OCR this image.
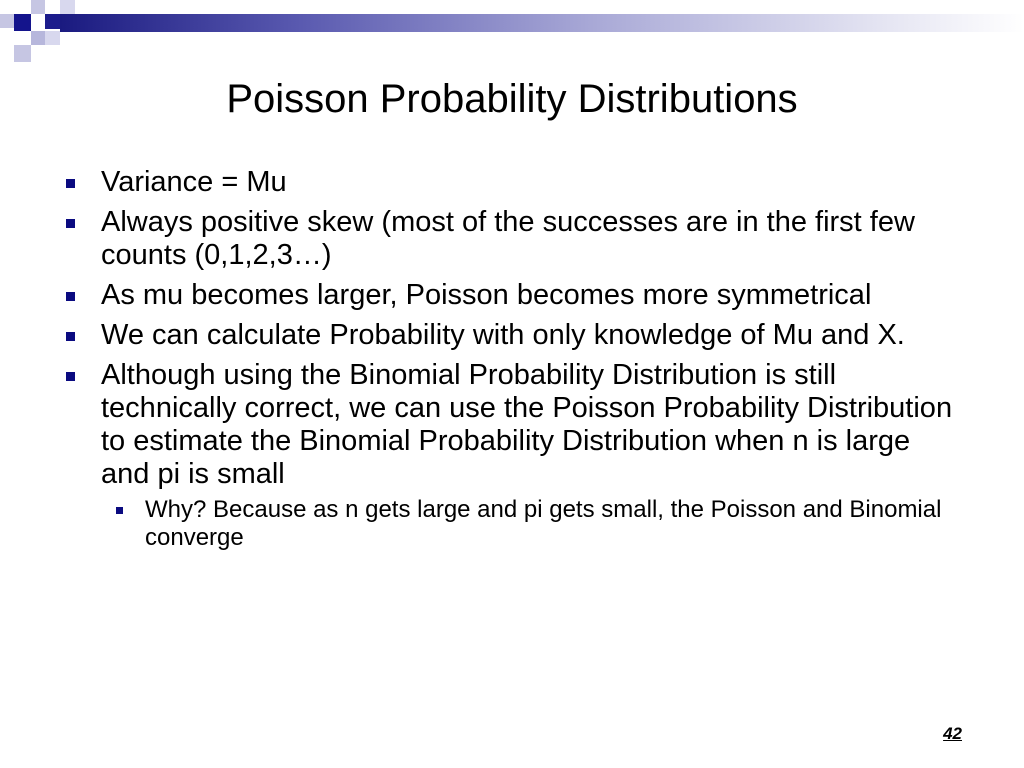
Poisson Probability Distributions
Variance = Mu
Always positive skew (most of the successes are in the first few counts (0,1,2,3…)
As mu becomes larger, Poisson becomes more symmetrical
We can calculate Probability with only knowledge of Mu and X.
Although using the Binomial Probability Distribution is still technically correct, we can use the Poisson Probability Distribution to estimate the Binomial Probability Distribution when n is large and pi is small
Why? Because as n gets large and pi gets small, the Poisson and Binomial converge
42
